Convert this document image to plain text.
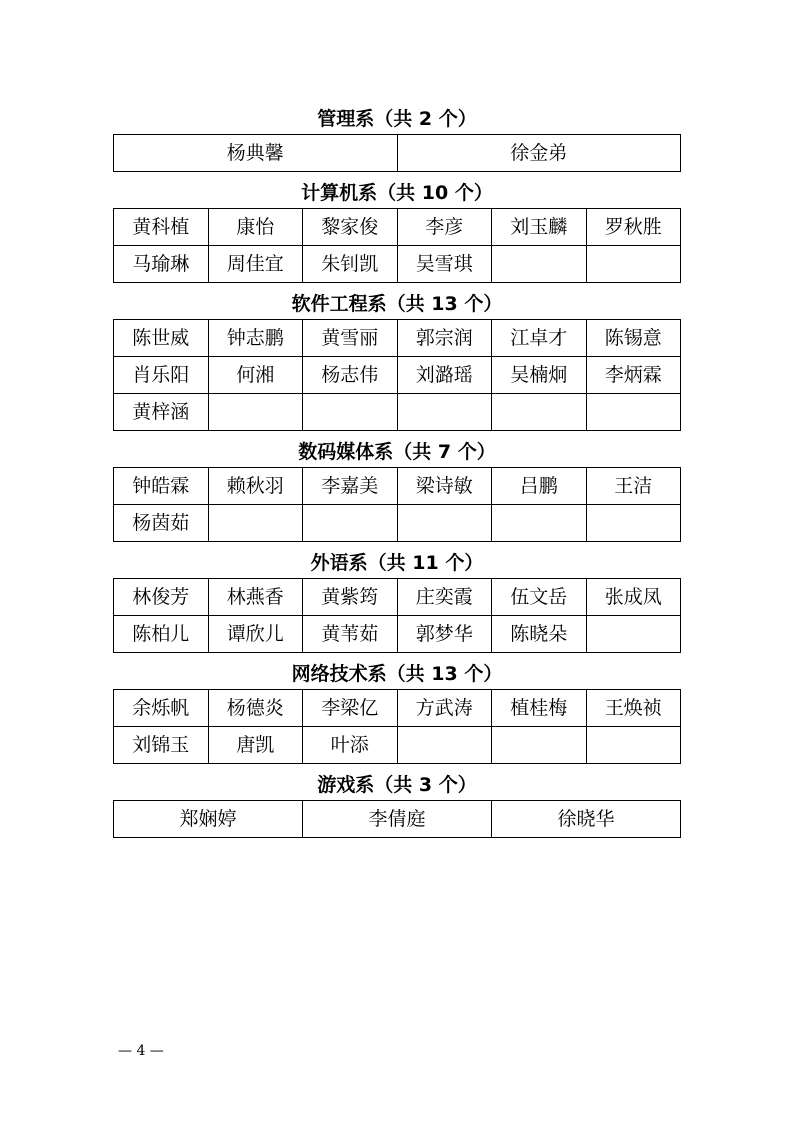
管理系（共 2 个）
杨典馨	徐金弟
计算机系（共 10 个）
黄科植	康怡	黎家俊	李彦	刘玉麟	罗秋胜
马瑜琳	周佳宜	朱钊凯	吴雪琪		
软件工程系（共 13 个）
陈世威	钟志鹏	黄雪丽	郭宗润	江卓才	陈锡意
肖乐阳	何湘	杨志伟	刘潞瑶	吴楠炯	李炳霖
黄梓涵					
数码媒体系（共 7 个）
钟皓霖	赖秋羽	李嘉美	梁诗敏	吕鹏	王洁
杨茵茹					
外语系（共 11 个）
林俊芳	林燕香	黄紫筠	庄奕霞	伍文岳	张成凤
陈柏儿	谭欣儿	黄苇茹	郭梦华	陈晓朵	
网络技术系（共 13 个）
余烁帆	杨德炎	李梁亿	方武涛	植桂梅	王焕祯
刘锦玉	唐凯	叶添			
游戏系（共 3 个）
郑娴婷	李倩庭	徐晓华
— 4 —
